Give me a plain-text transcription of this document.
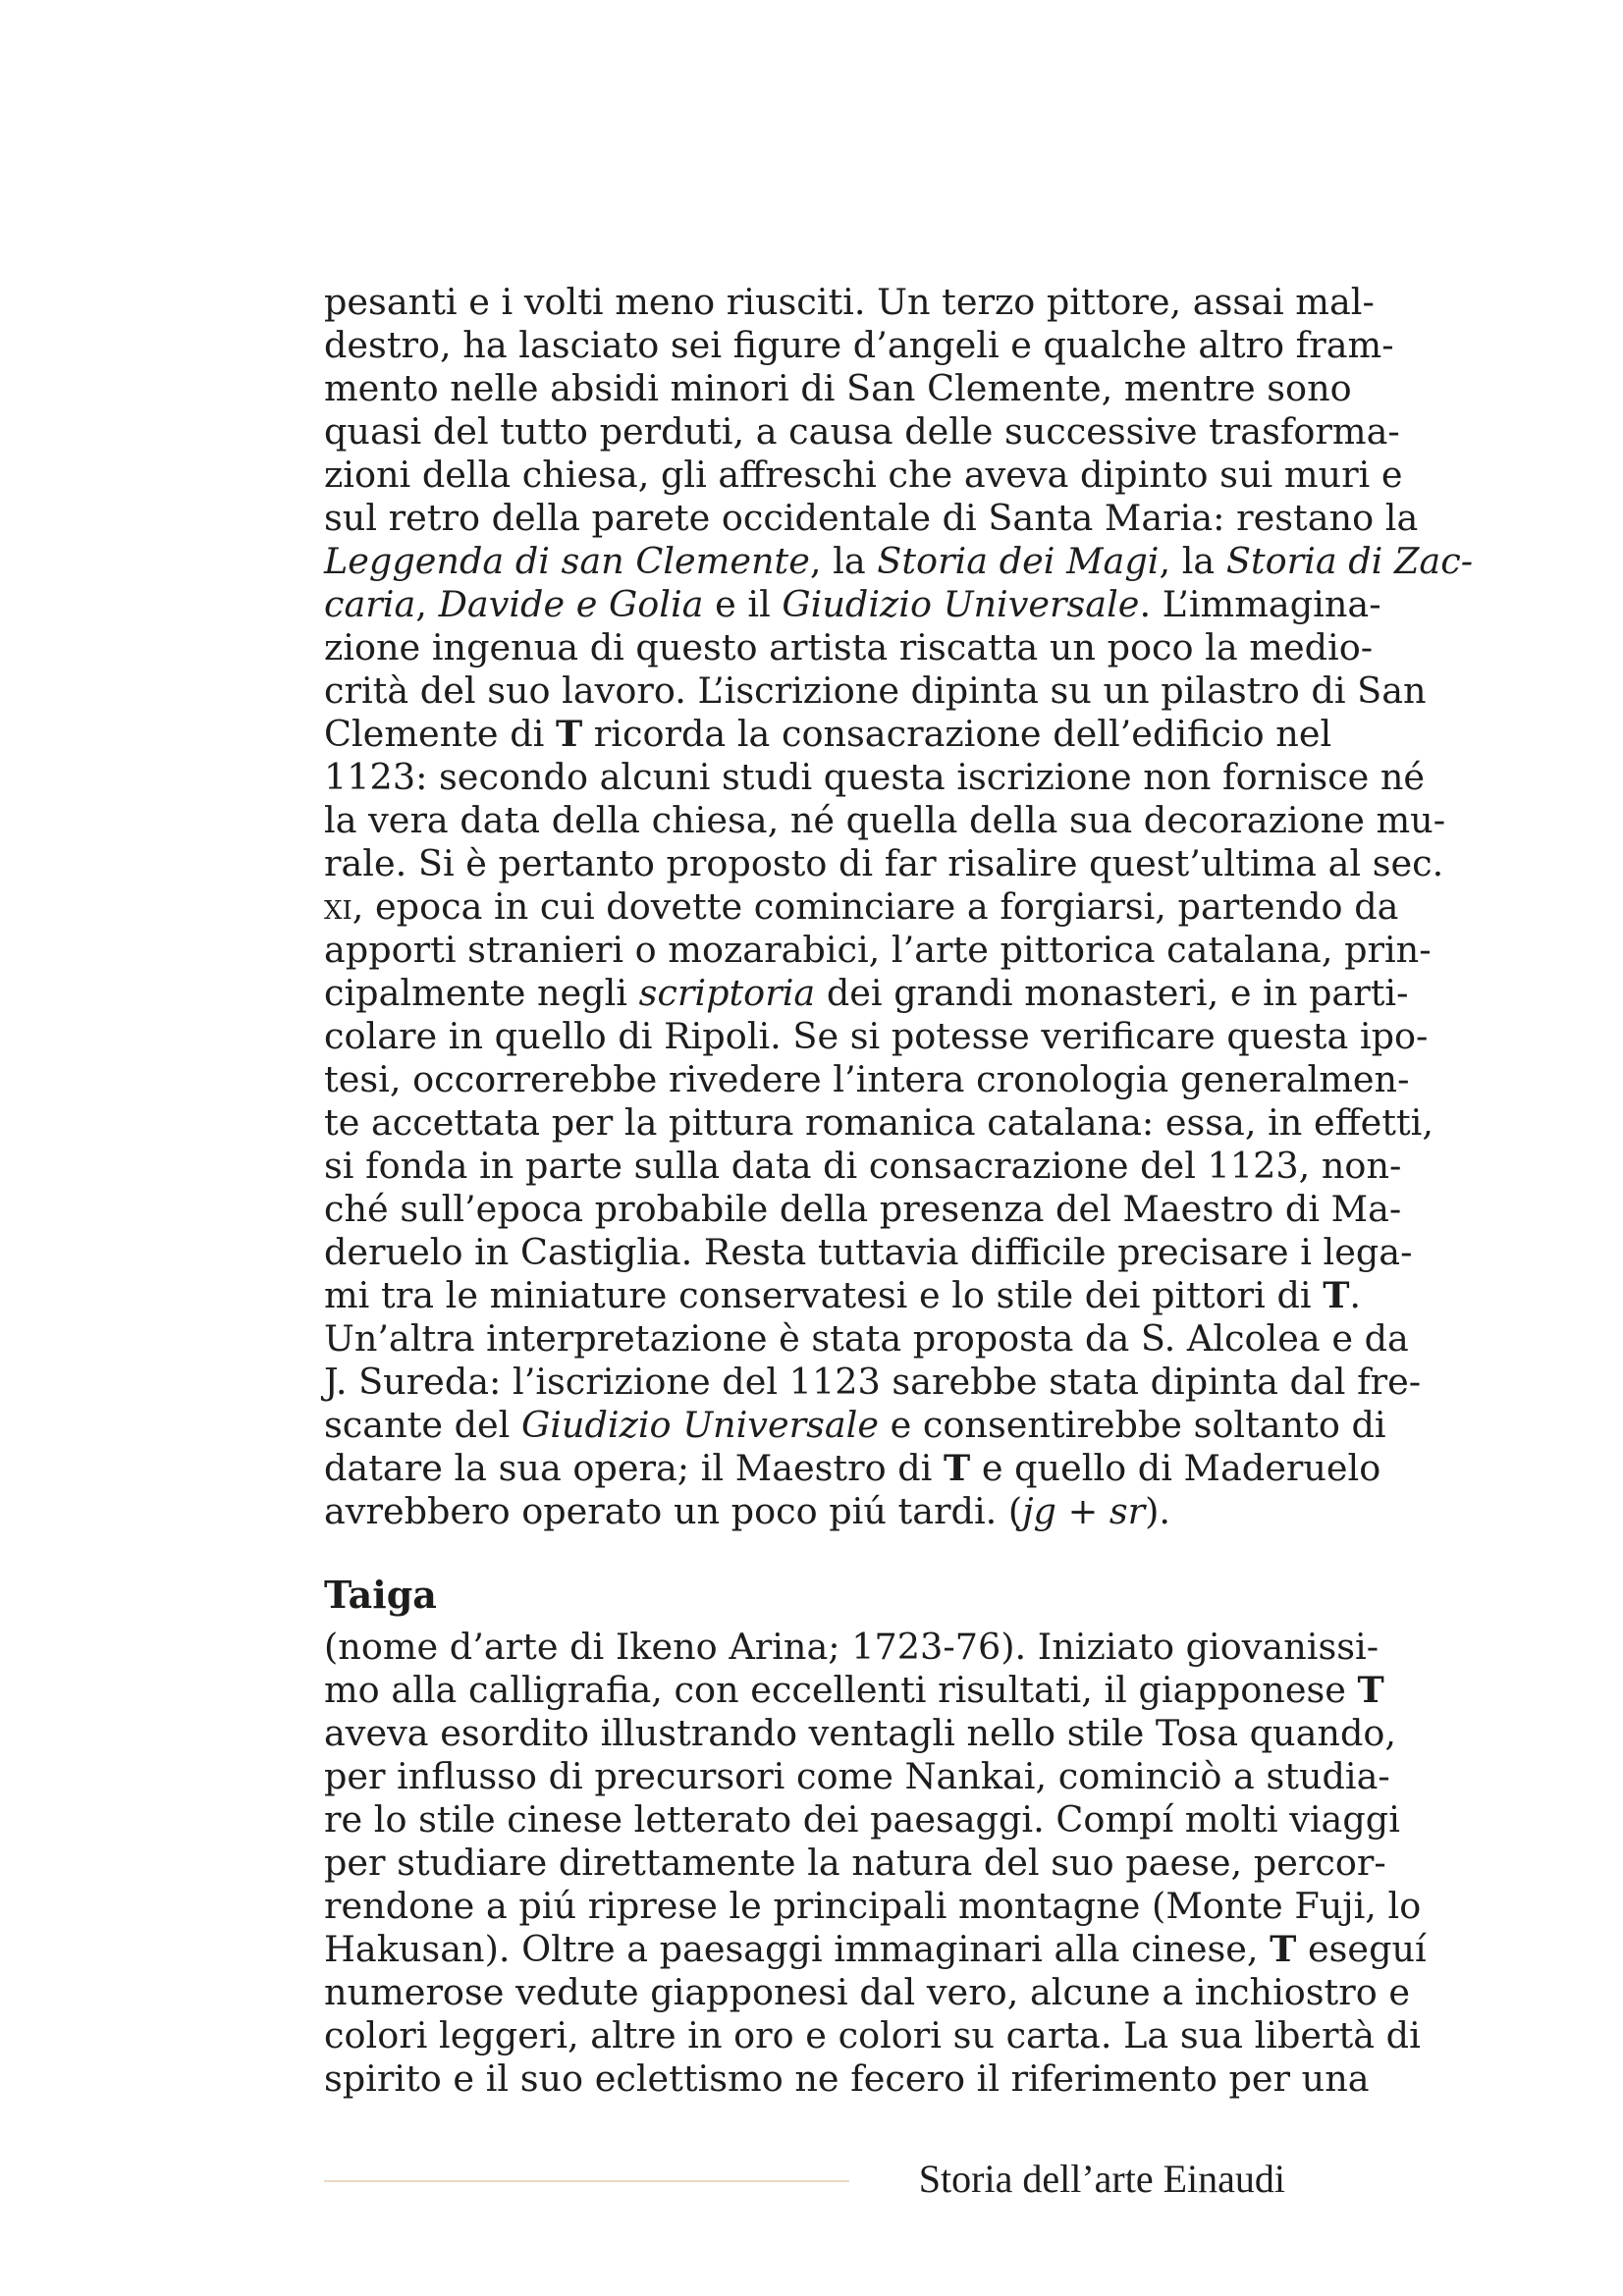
pesanti e i volti meno riusciti. Un terzo pittore, assai mal-
destro, ha lasciato sei figure d’angeli e qualche altro fram-
mento nelle absidi minori di San Clemente, mentre sono
quasi del tutto perduti, a causa delle successive trasforma-
zioni della chiesa, gli affreschi che aveva dipinto sui muri e
sul retro della parete occidentale di Santa Maria: restano la
Leggenda di san Clemente, la Storia dei Magi, la Storia di Zac-
caria, Davide e Golia e il Giudizio Universale. L’immagina-
zione ingenua di questo artista riscatta un poco la medio-
crità del suo lavoro. L’iscrizione dipinta su un pilastro di San
Clemente di T ricorda la consacrazione dell’edificio nel
1123: secondo alcuni studi questa iscrizione non fornisce né
la vera data della chiesa, né quella della sua decorazione mu-
rale. Si è pertanto proposto di far risalire quest’ultima al sec.
xi, epoca in cui dovette cominciare a forgiarsi, partendo da
apporti stranieri o mozarabici, l’arte pittorica catalana, prin-
cipalmente negli scriptoria dei grandi monasteri, e in parti-
colare in quello di Ripoli. Se si potesse verificare questa ipo-
tesi, occorrerebbe rivedere l’intera cronologia generalmen-
te accettata per la pittura romanica catalana: essa, in effetti,
si fonda in parte sulla data di consacrazione del 1123, non-
ché sull’epoca probabile della presenza del Maestro di Ma-
deruelo in Castiglia. Resta tuttavia difficile precisare i lega-
mi tra le miniature conservatesi e lo stile dei pittori di T.
Un’altra interpretazione è stata proposta da S. Alcolea e da
J. Sureda: l’iscrizione del 1123 sarebbe stata dipinta dal fre-
scante del Giudizio Universale e consentirebbe soltanto di
datare la sua opera; il Maestro di T e quello di Maderuelo
avrebbero operato un poco piú tardi. (jg + sr).
Taiga
(nome d’arte di Ikeno Arina; 1723-76). Iniziato giovanissi-
mo alla calligrafia, con eccellenti risultati, il giapponese T
aveva esordito illustrando ventagli nello stile Tosa quando,
per influsso di precursori come Nankai, cominciò a studia-
re lo stile cinese letterato dei paesaggi. Compí molti viaggi
per studiare direttamente la natura del suo paese, percor-
rendone a piú riprese le principali montagne (Monte Fuji, lo
Hakusan). Oltre a paesaggi immaginari alla cinese, T eseguí
numerose vedute giapponesi dal vero, alcune a inchiostro e
colori leggeri, altre in oro e colori su carta. La sua libertà di
spirito e il suo eclettismo ne fecero il riferimento per una
Storia dell’arte Einaudi
